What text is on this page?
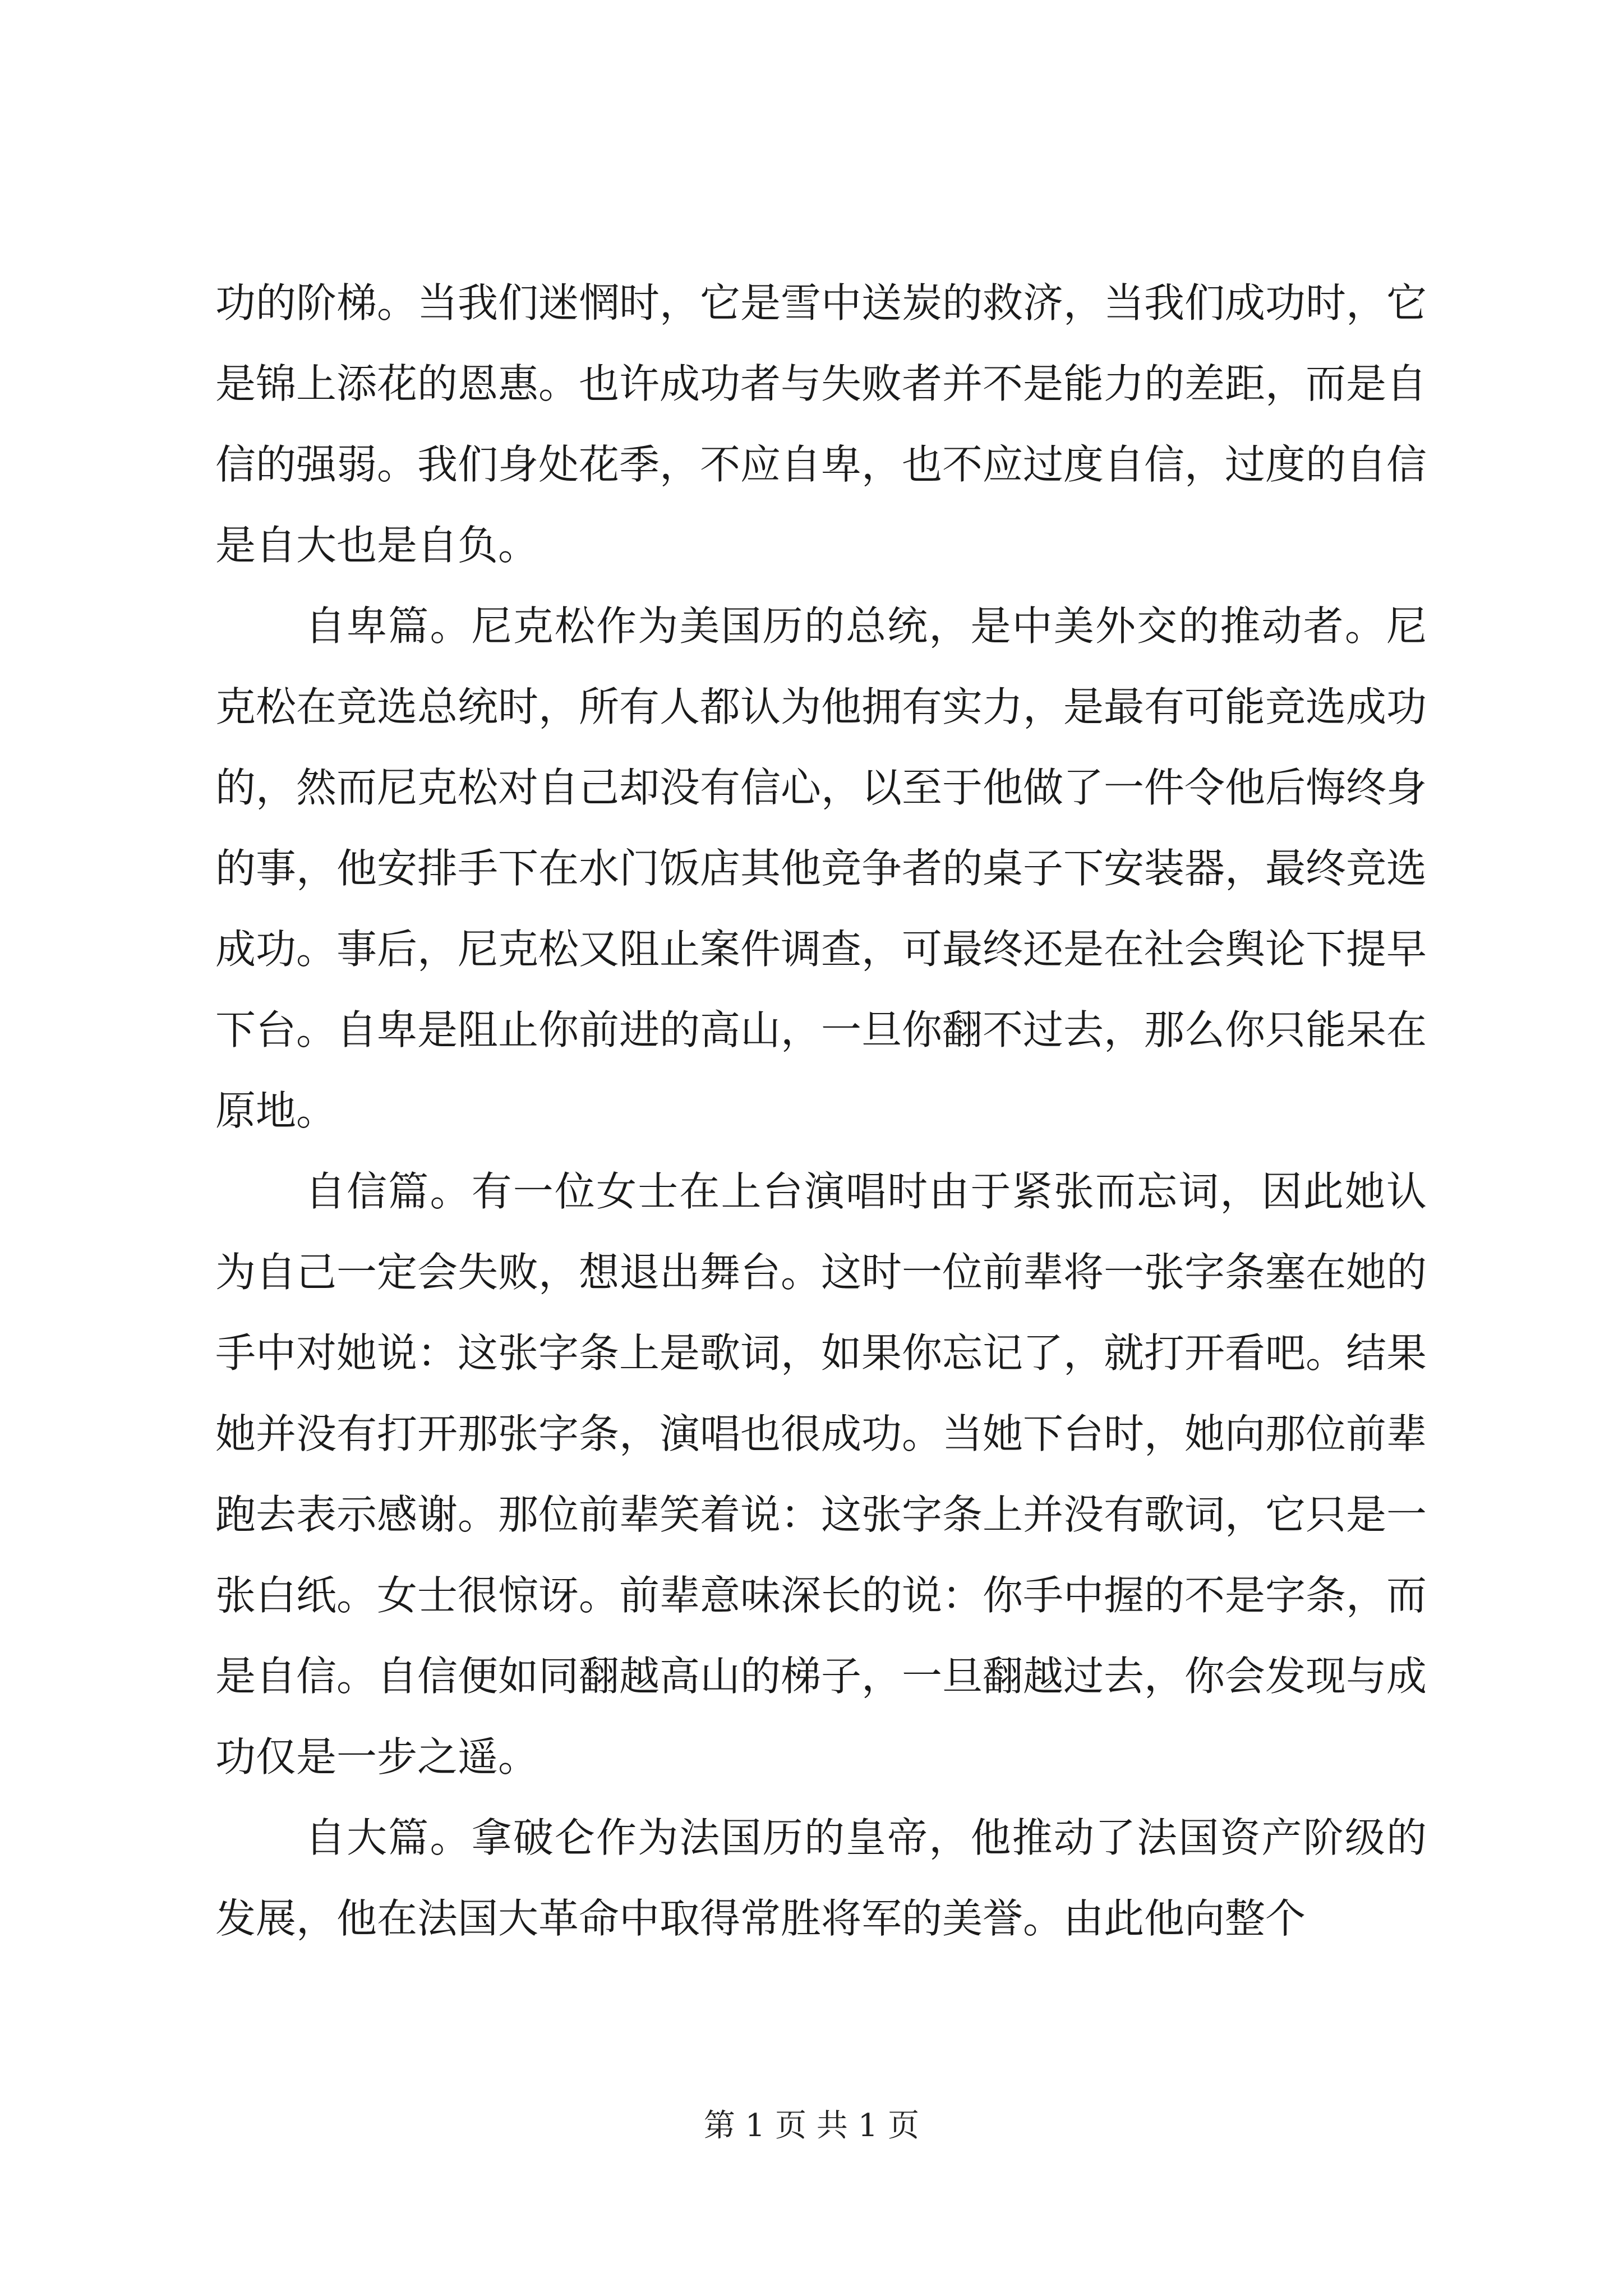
功的阶梯。当我们迷惘时，它是雪中送炭的救济，当我们成功时，它是锦上添花的恩惠。也许成功者与失败者并不是能力的差距，而是自信的强弱。我们身处花季，不应自卑，也不应过度自信，过度的自信是自大也是自负。

自卑篇。尼克松作为美国历的总统，是中美外交的推动者。尼克松在竞选总统时，所有人都认为他拥有实力，是最有可能竞选成功的，然而尼克松对自己却没有信心，以至于他做了一件令他后悔终身的事，他安排手下在水门饭店其他竞争者的桌子下安装器，最终竞选成功。事后，尼克松又阻止案件调查，可最终还是在社会舆论下提早下台。自卑是阻止你前进的高山，一旦你翻不过去，那么你只能呆在原地。

自信篇。有一位女士在上台演唱时由于紧张而忘词，因此她认为自己一定会失败，想退出舞台。这时一位前辈将一张字条塞在她的手中对她说：这张字条上是歌词，如果你忘记了，就打开看吧。结果她并没有打开那张字条，演唱也很成功。当她下台时，她向那位前辈跑去表示感谢。那位前辈笑着说：这张字条上并没有歌词，它只是一张白纸。女士很惊讶。前辈意味深长的说：你手中握的不是字条，而是自信。自信便如同翻越高山的梯子，一旦翻越过去，你会发现与成功仅是一步之遥。

自大篇。拿破仑作为法国历的皇帝，他推动了法国资产阶级的发展，他在法国大革命中取得常胜将军的美誉。由此他向整个

第 1 页 共 1 页
